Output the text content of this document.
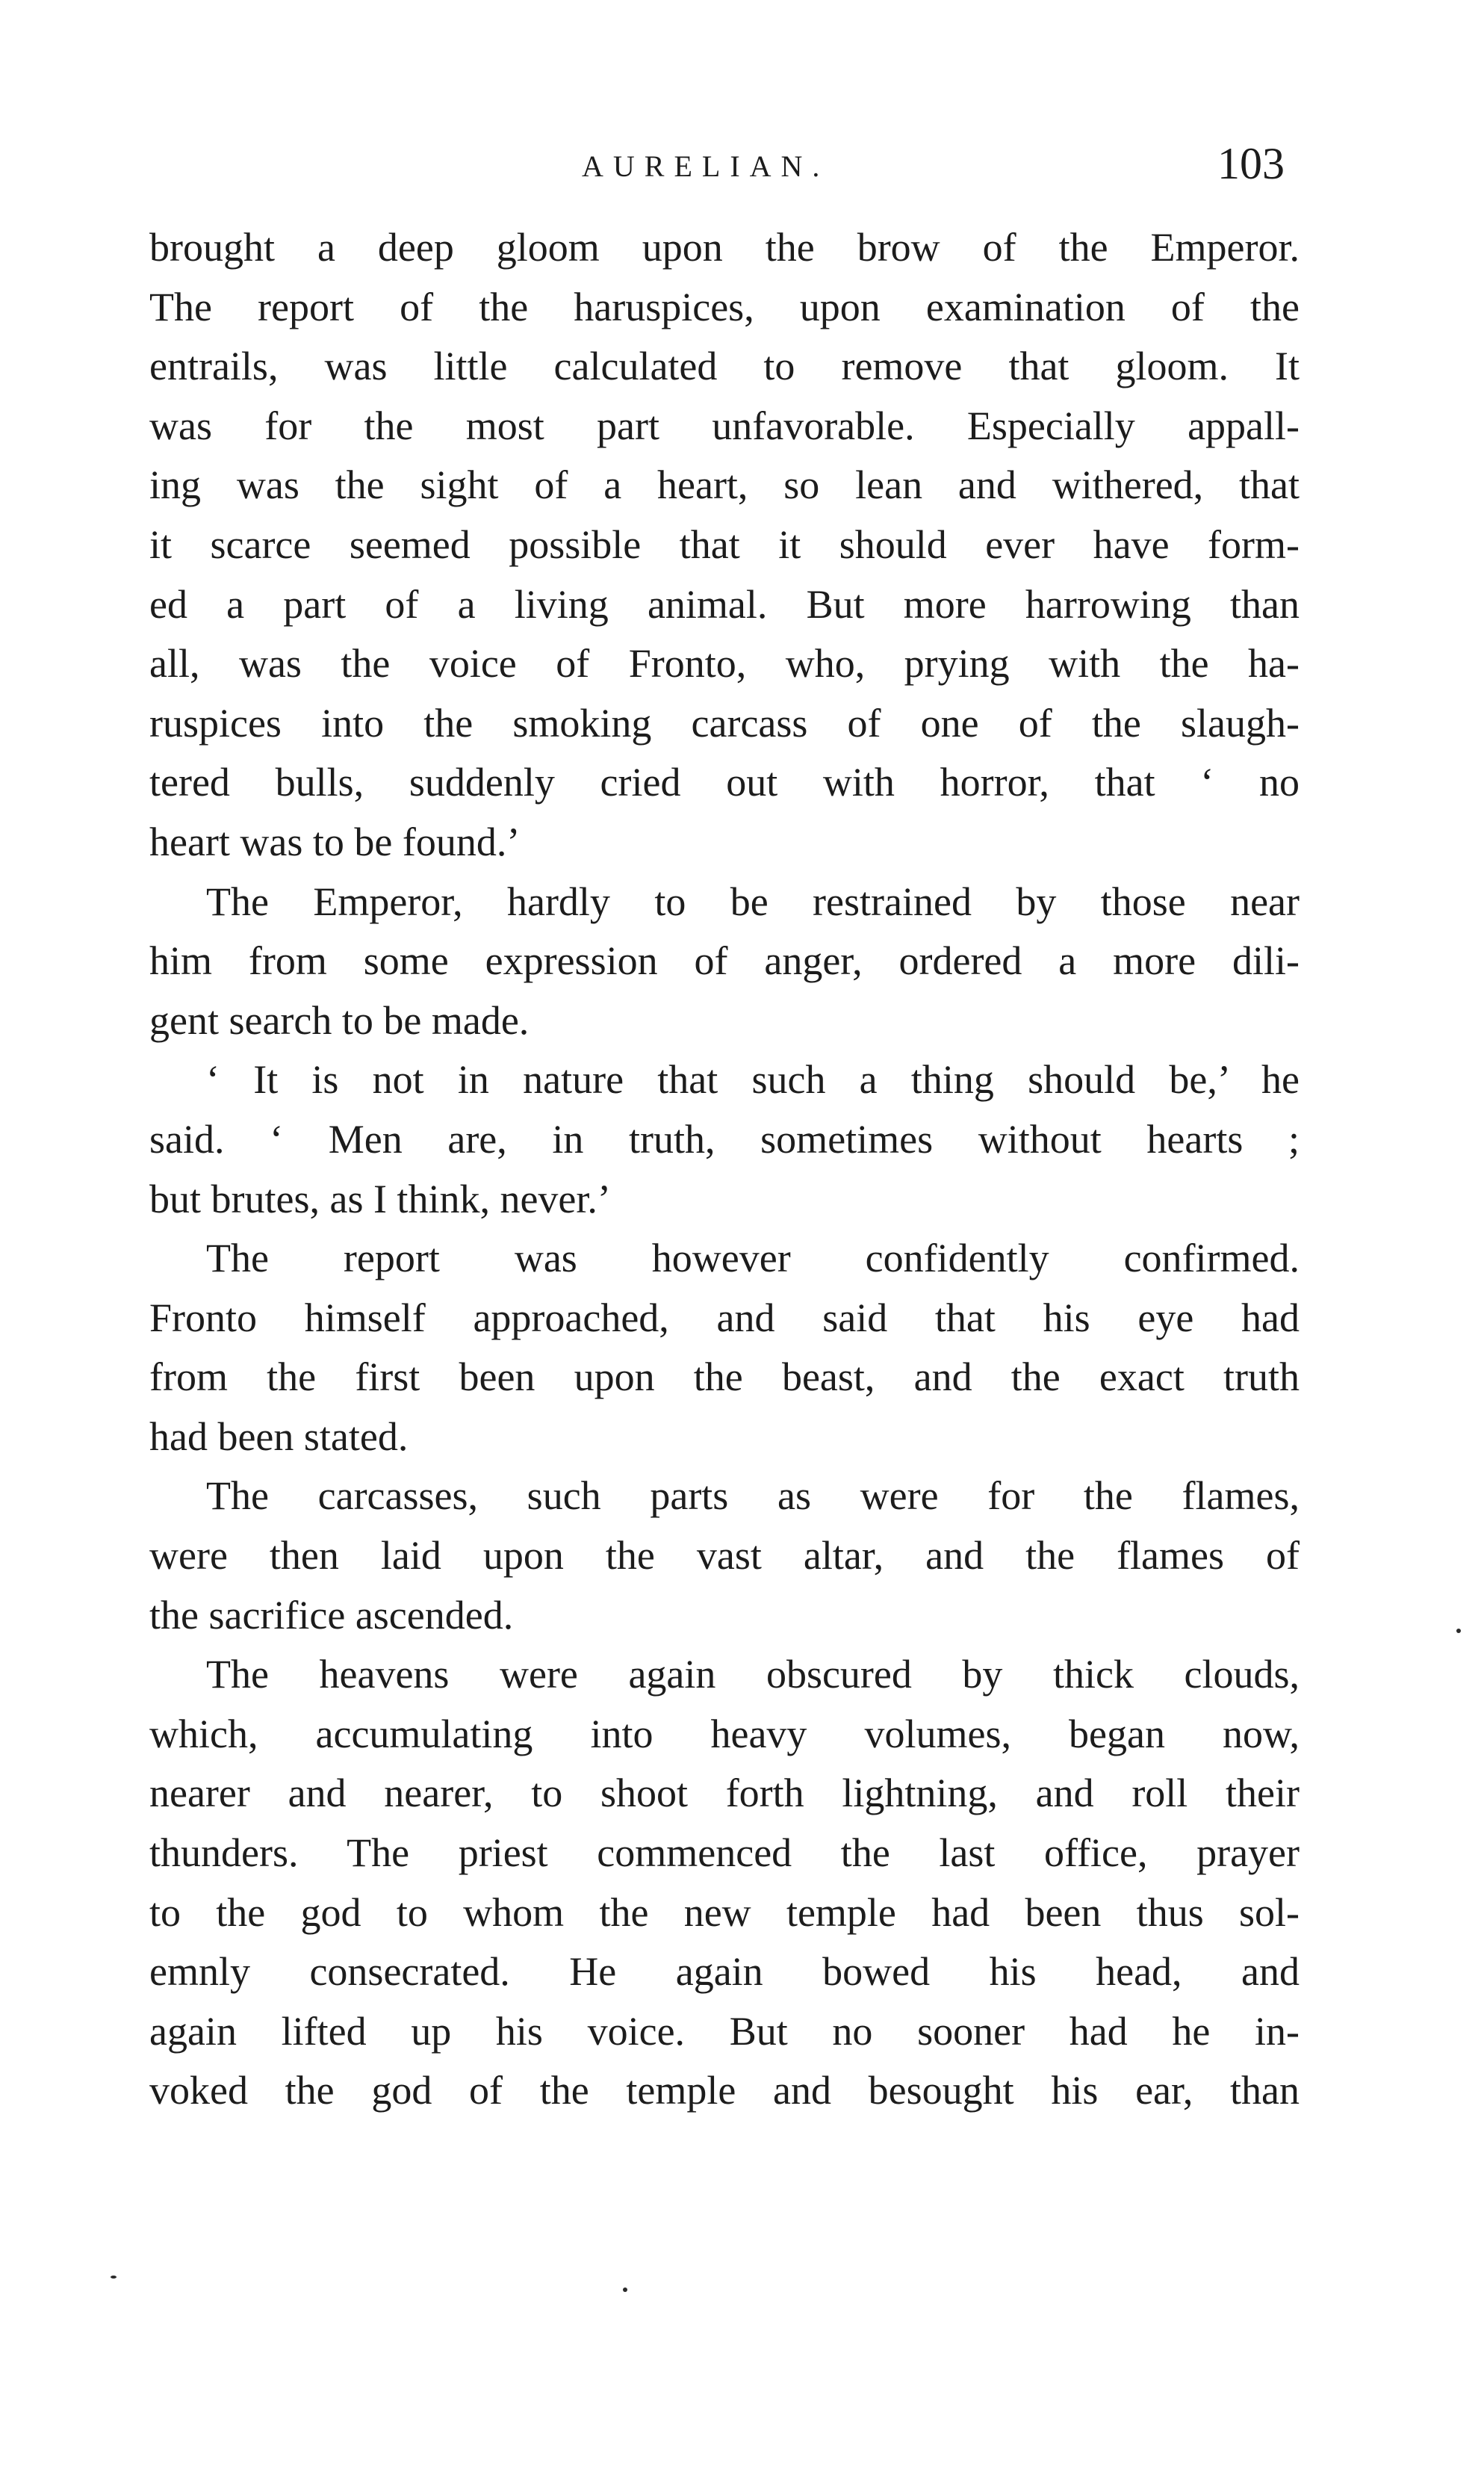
AURELIAN.	103

brought a deep gloom upon the brow of the Emperor.
The report of the haruspices, upon examination of the
entrails, was little calculated to remove that gloom. It
was for the most part unfavorable. Especially appall-
ing was the sight of a heart, so lean and withered, that
it scarce seemed possible that it should ever have form-
ed a part of a living animal. But more harrowing than
all, was the voice of Fronto, who, prying with the ha-
ruspices into the smoking carcass of one of the slaugh-
tered bulls, suddenly cried out with horror, that ‘ no
heart was to be found.’

The Emperor, hardly to be restrained by those near
him from some expression of anger, ordered a more dili-
gent search to be made.

‘ It is not in nature that such a thing should be,’ he
said. ‘ Men are, in truth, sometimes without hearts ;
but brutes, as I think, never.’

The report was however confidently confirmed.
Fronto himself approached, and said that his eye had
from the first been upon the beast, and the exact truth
had been stated.

The carcasses, such parts as were for the flames,
were then laid upon the vast altar, and the flames of
the sacrifice ascended.

The heavens were again obscured by thick clouds,
which, accumulating into heavy volumes, began now,
nearer and nearer, to shoot forth lightning, and roll their
thunders. The priest commenced the last office, prayer
to the god to whom the new temple had been thus sol-
emnly consecrated. He again bowed his head, and
again lifted up his voice. But no sooner had he in-
voked the god of the temple and besought his ear, than
